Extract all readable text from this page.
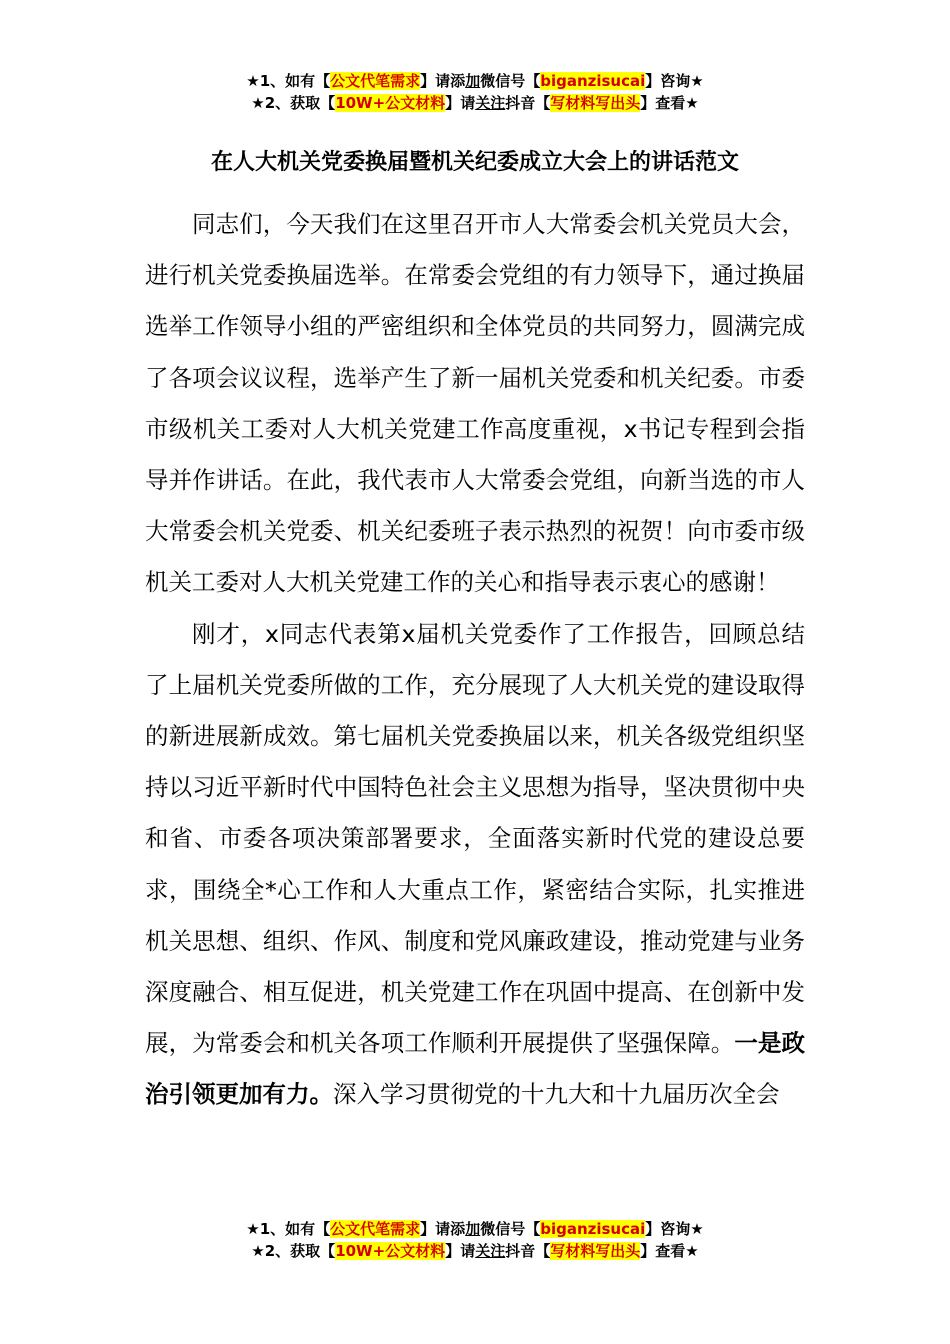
★1、如有【公文代笔需求】请添加微信号【biganzisucai】咨询★
★2、获取【10W+公文材料】请关注抖音【写材料写出头】查看★
在人大机关党委换届暨机关纪委成立大会上的讲话范文

同志们，今天我们在这里召开市人大常委会机关党员大会，进行机关党委换届选举。在常委会党组的有力领导下，通过换届选举工作领导小组的严密组织和全体党员的共同努力，圆满完成了各项会议议程，选举产生了新一届机关党委和机关纪委。市委市级机关工委对人大机关党建工作高度重视，x书记专程到会指导并作讲话。在此，我代表市人大常委会党组，向新当选的市人大常委会机关党委、机关纪委班子表示热烈的祝贺！向市委市级机关工委对人大机关党建工作的关心和指导表示衷心的感谢！

刚才，x同志代表第x届机关党委作了工作报告，回顾总结了上届机关党委所做的工作，充分展现了人大机关党的建设取得的新进展新成效。第七届机关党委换届以来，机关各级党组织坚持以习近平新时代中国特色社会主义思想为指导，坚决贯彻中央和省、市委各项决策部署要求，全面落实新时代党的建设总要求，围绕全*心工作和人大重点工作，紧密结合实际，扎实推进机关思想、组织、作风、制度和党风廉政建设，推动党建与业务深度融合、相互促进，机关党建工作在巩固中提高、在创新中发展，为常委会和机关各项工作顺利开展提供了坚强保障。一是政治引领更加有力。深入学习贯彻党的十九大和十九届历次全会

★1、如有【公文代笔需求】请添加微信号【biganzisucai】咨询★
★2、获取【10W+公文材料】请关注抖音【写材料写出头】查看★
